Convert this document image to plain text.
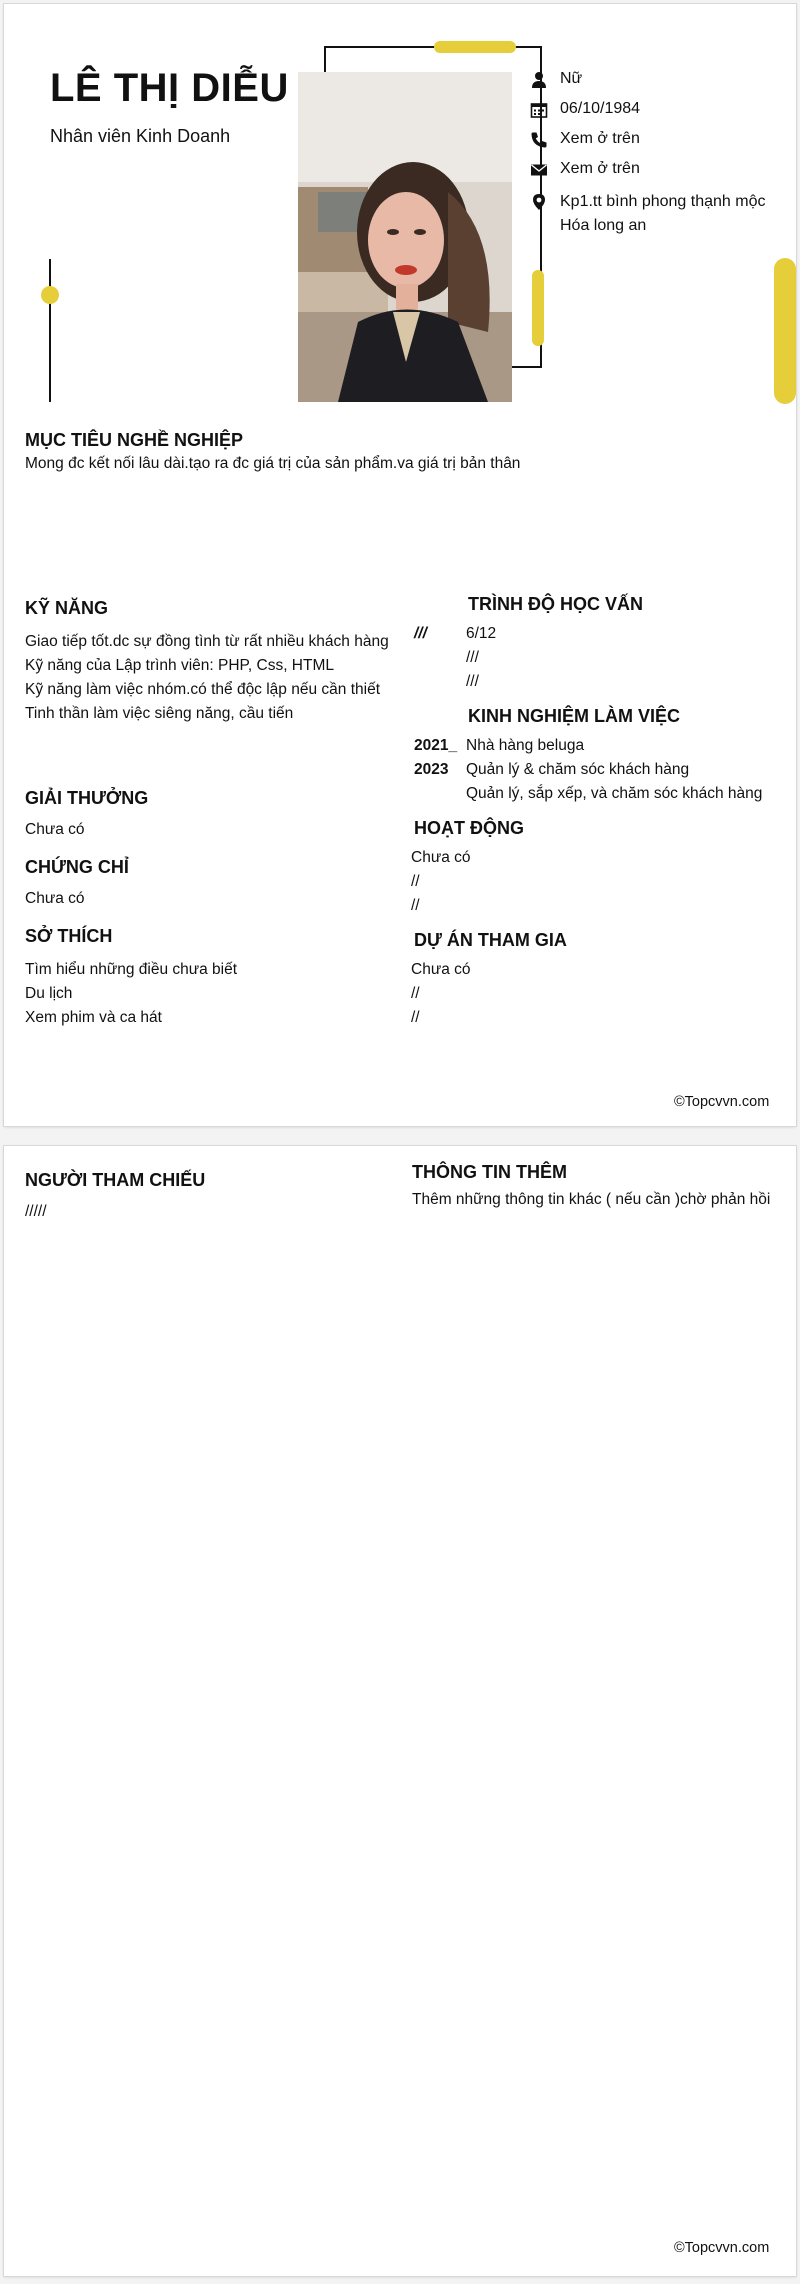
LÊ THỊ DIỄU
Nhân viên Kinh Doanh
Nữ
06/10/1984
Xem ở trên
Xem ở trên
Kp1.tt bình phong thạnh mộc
Hóa long an
MỤC TIÊU NGHỀ NGHIỆP
Mong đc kết nối lâu dài.tạo ra đc giá trị của sản phẩm.va giá trị bản thân
KỸ NĂNG
Giao tiếp tốt.dc sự đồng tình từ rất nhiều khách hàng
Kỹ năng của Lập trình viên: PHP, Css, HTML
Kỹ năng làm việc nhóm.có thể độc lập nếu cần thiết
Tinh thần làm việc siêng năng, cầu tiến
GIẢI THƯỞNG
Chưa có
CHỨNG CHỈ
Chưa có
SỞ THÍCH
Tìm hiểu những điều chưa biết
Du lịch
Xem phim và ca hát
TRÌNH ĐỘ HỌC VẤN
///	6/12
///
///
KINH NGHIỆM LÀM VIỆC
2021_
2023
Nhà hàng beluga
Quản lý & chăm sóc khách hàng
Quản lý, sắp xếp, và chăm sóc khách hàng
HOẠT ĐỘNG
Chưa có
//
//
DỰ ÁN THAM GIA
Chưa có
//
//
©Topcvvn.com
NGƯỜI THAM CHIẾU
/////
THÔNG TIN THÊM
Thêm những thông tin khác ( nếu cần )chờ phản hồi
©Topcvvn.com
